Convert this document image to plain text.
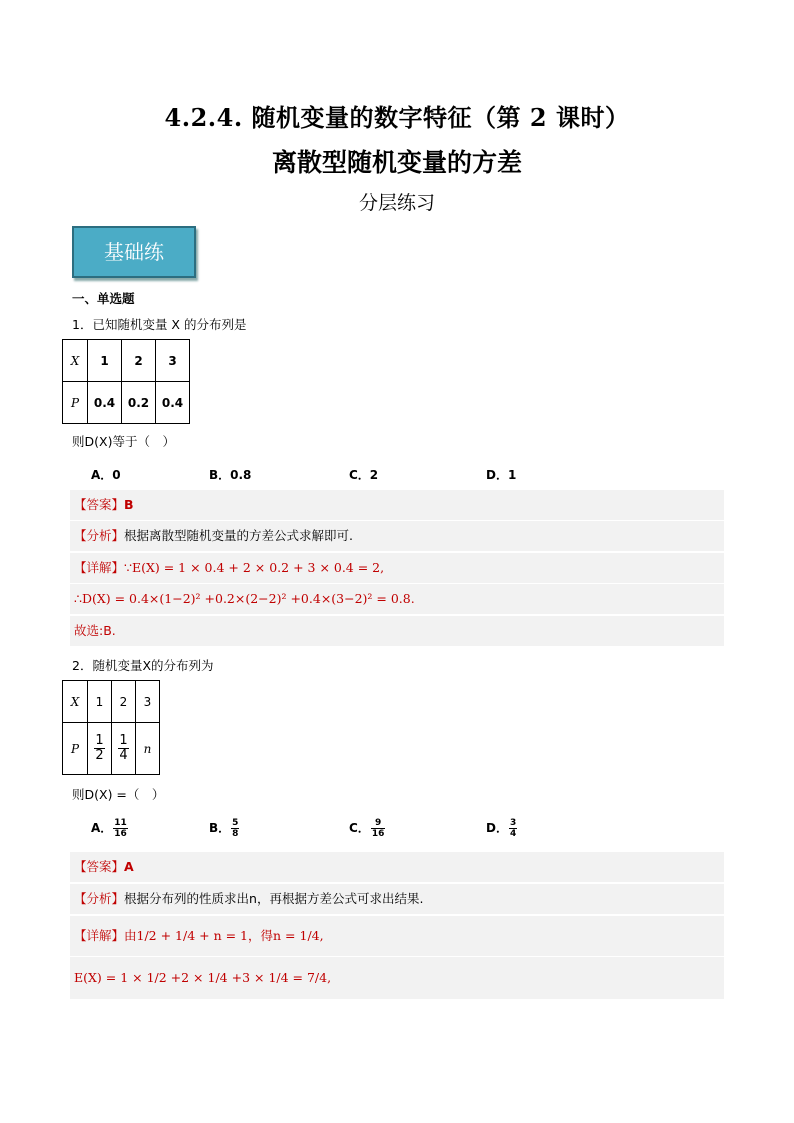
4.2.4. 随机变量的数字特征（第 2 课时）
离散型随机变量的方差
分层练习
基础练
一、单选题
1．已知随机变量 X 的分布列是
X	1	2	3
P	0.4	0.2	0.4
则D(X)等于（　）
A．0	B．0.8	C．2	D．1
【答案】B
【分析】根据离散型随机变量的方差公式求解即可.
【详解】∵E(X) = 1 × 0.4 + 2 × 0.2 + 3 × 0.4 = 2,
∴D(X) = 0.4×(1−2)² +0.2×(2−2)² +0.4×(3−2)² = 0.8.
故选:B.
2．随机变量X的分布列为
X	1	2	3
P	$\frac{1}{2}$	$\frac{1}{4}$	n
则D(X) =（　）
A． $\frac{11}{16}$	B． $\frac{5}{8}$	C． $\frac{9}{16}$	D． $\frac{3}{4}$
【答案】A
【分析】根据分布列的性质求出n，再根据方差公式可求出结果.
【详解】由1/2 + 1/4 + n = 1，得n = 1/4,
E(X) = 1 × 1/2 +2 × 1/4 +3 × 1/4 = 7/4,
